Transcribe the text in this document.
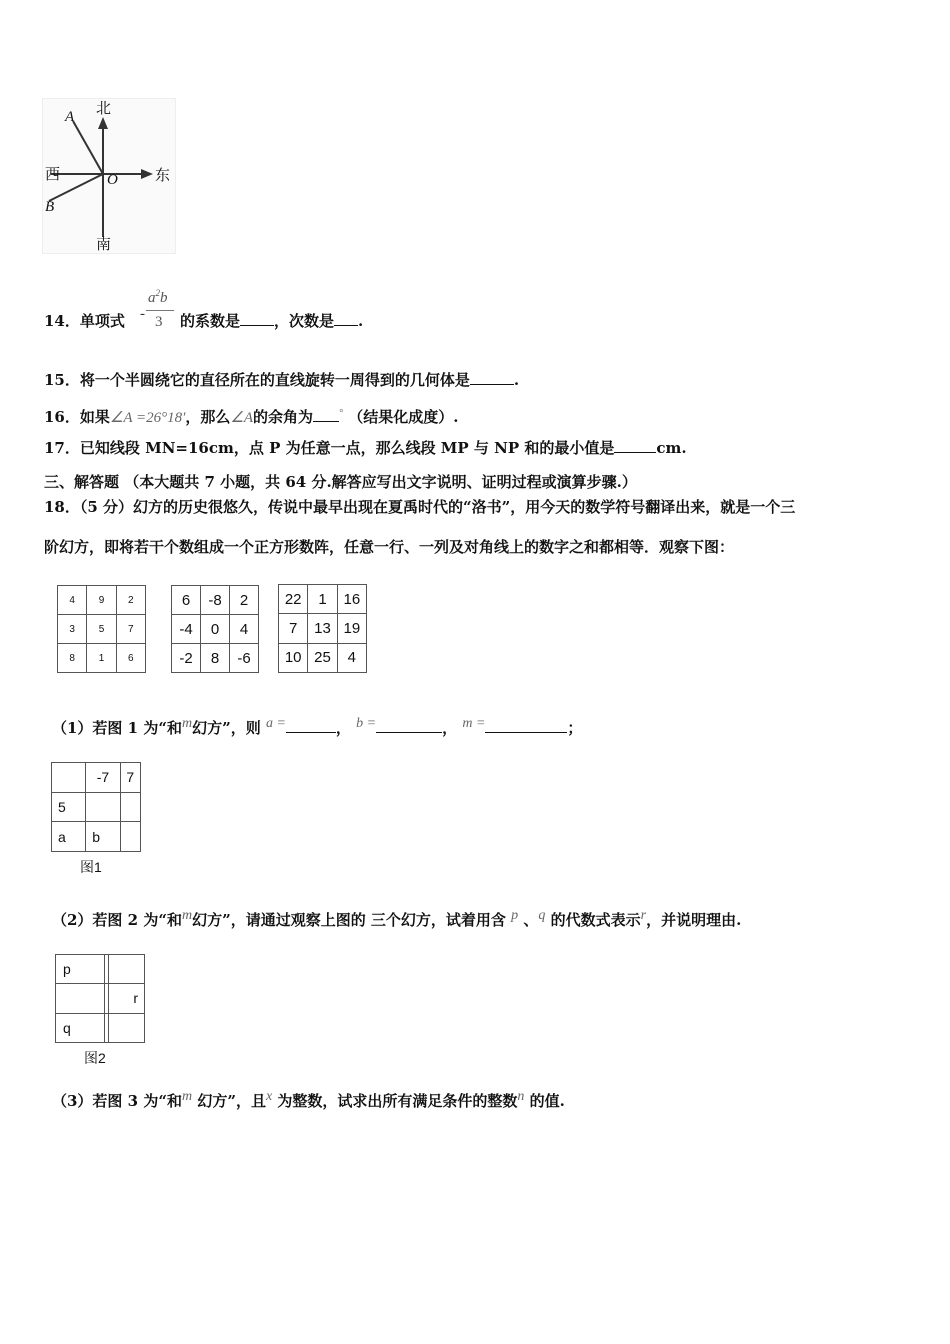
北
南
东
西	O
A
B
14．单项式 -
$a^2b$
3 的系数是 ，次数是 .
15．将一个半圆绕它的直径所在的直线旋转一周得到的几何体是	.
16．如果∠A =26°18′，那么∠A的余角为	° （结果化成度）.
17．已知线段 MN=16cm，点 P 为任意一点，那么线段 MP 与 NP 和的最小值是	cm.
三、解答题 （本大题共 7 小题，共 64 分.解答应写出文字说明、证明过程或演算步骤.）
18．（5 分）幻方的历史很悠久，传说中最早出现在夏禹时代的“洛书”，用今天的数学符号翻译出来，就是一个三
阶幻方，即将若干个数组成一个正方形数阵，任意一行、一列及对角线上的数字之和都相等．观察下图：
4	9	2
3	5	7
8	1	6
6	-8	2
-4	0	4
-2	8	-6
22	1	16
7	13	19
10	25	4
（1）若图 1 为“和$^m$幻方”，则 $^{a =}$	， $^{b =}$	， $^{m =}$	；
	-7	7
5		
a	b	
图1
（2）若图 2 为“和$^m$幻方”，请通过观察上图的 三个幻方，试着用含 $^p$ 、$^q$ 的代数式表示$^r$，并说明理由.
p		
		r
q		
图2
（3）若图 3 为“和$^m$ 幻方”，且$^x$ 为整数，试求出所有满足条件的整数$^n$ 的值.
